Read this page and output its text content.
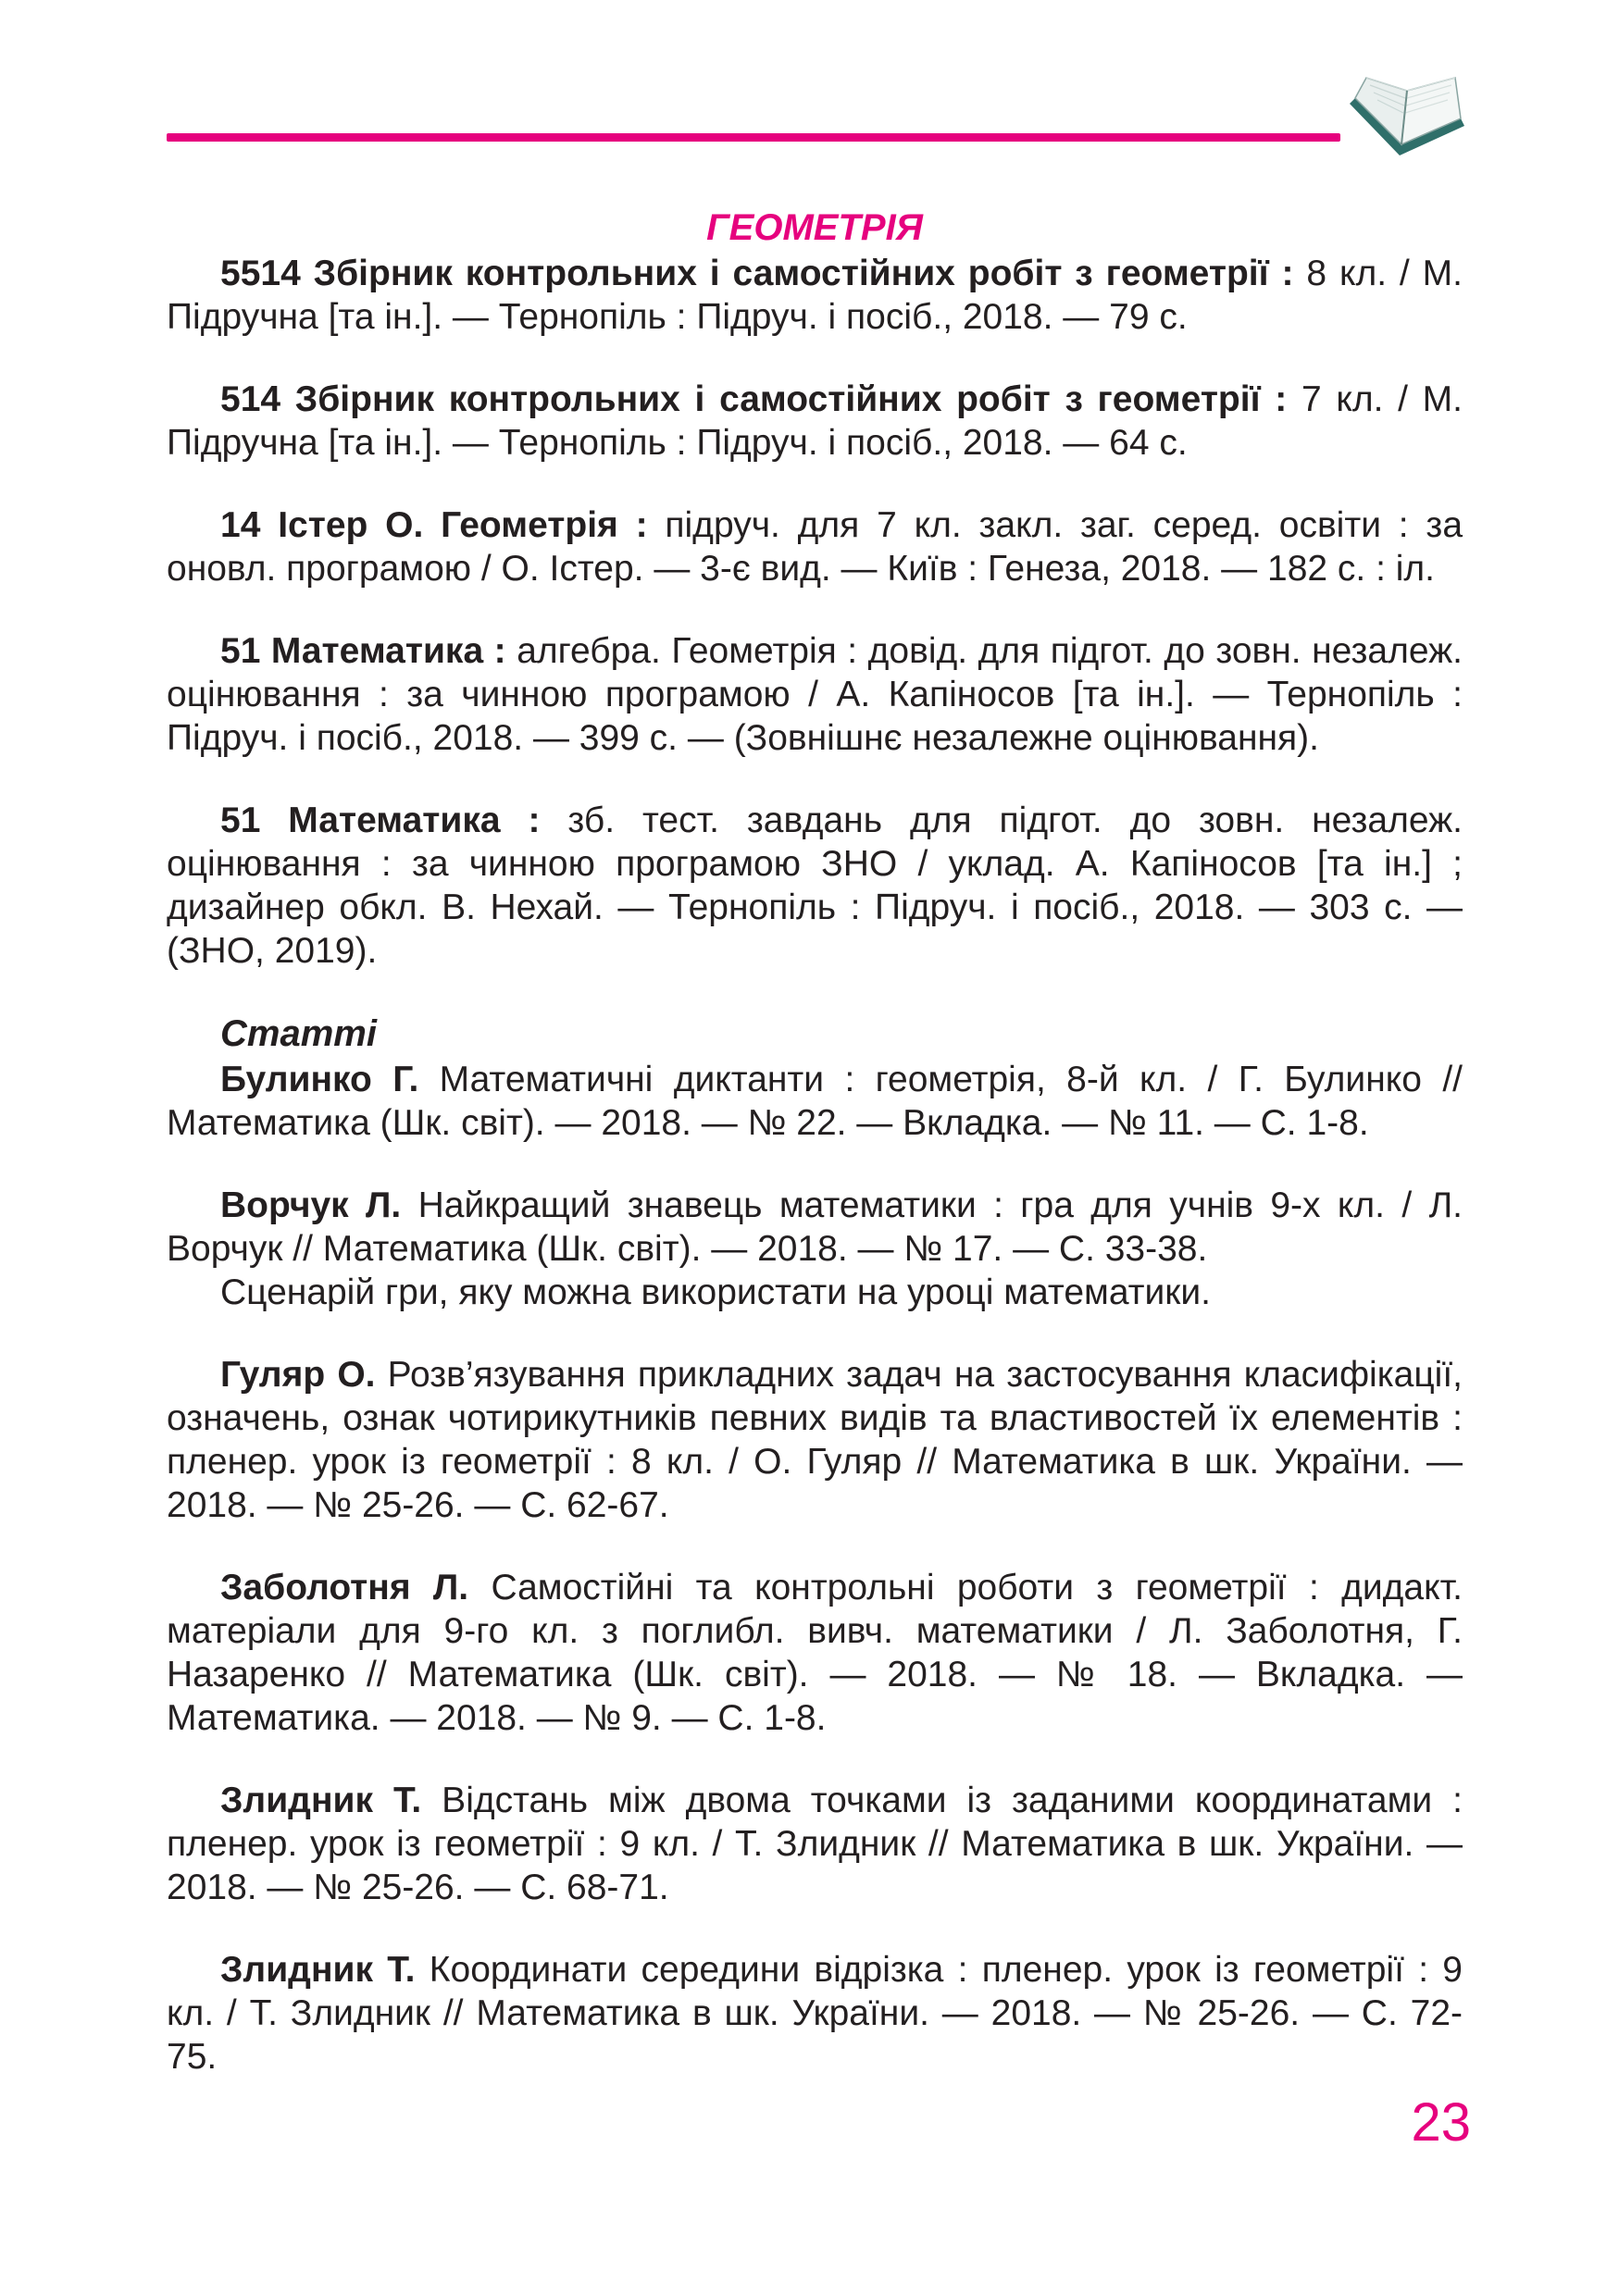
ГЕОМЕТРІЯ
5514 Збірник контрольних і самостійних робіт з геометрії : 8 кл. / М. Підручна [та ін.]. — Тернопіль : Підруч. і посіб., 2018. — 79 с.
514 Збірник контрольних і самостійних робіт з геометрії : 7 кл. / М. Підручна [та ін.]. — Тернопіль : Підруч. і посіб., 2018. — 64 с.
14 Істер О. Геометрія : підруч. для 7 кл. закл. заг. серед. освіти : за оновл. програмою / О. Істер. — 3-є вид. — Київ : Генеза, 2018. — 182 с. : іл.
51 Математика : алгебра. Геометрія : довід. для підгот. до зовн. незалеж. оцінювання : за чинною програмою / А. Капіносов [та ін.]. — Тернопіль : Підруч. і посіб., 2018. — 399 с. — (Зовнішнє незалежне оцінювання).
51 Математика : зб. тест. завдань для підгот. до зовн. незалеж. оцінювання : за чинною програмою ЗНО / уклад. А. Капіносов [та ін.] ; дизайнер обкл. В. Нехай. — Тернопіль : Підруч. і посіб., 2018. — 303 с. — (ЗНО, 2019).
Статті
Булинко Г. Математичні диктанти : геометрія, 8-й кл. / Г. Булинко // Математика (Шк. світ). — 2018. — № 22. — Вкладка. — № 11. — С. 1-8.
Ворчук Л. Найкращий знавець математики : гра для учнів 9-х кл. / Л. Ворчук // Математика (Шк. світ). — 2018. — № 17. — С. 33-38.
Сценарій гри, яку можна використати на уроці математики.
Гуляр О. Розв’язування прикладних задач на застосування класифікації, означень, ознак чотирикутників певних видів та властивостей їх елементів : пленер. урок із геометрії : 8 кл. / О. Гуляр // Математика в шк. України. — 2018. — № 25-26. — С. 62-67.
Заболотня Л. Самостійні та контрольні роботи з геометрії : дидакт. матеріали для 9-го кл. з поглибл. вивч. математики / Л. Заболотня, Г. Назаренко // Математика (Шк. світ). — 2018. — № 18. — Вкладка. — Математика. — 2018. — № 9. — С. 1-8.
Злидник Т. Відстань між двома точками із заданими координатами : пленер. урок із геометрії : 9 кл. / Т. Злидник // Математика в шк. України. — 2018. — № 25-26. — С. 68-71.
Злидник Т. Координати середини відрізка : пленер. урок із геометрії : 9 кл. / Т. Злидник // Математика в шк. України. — 2018. — № 25-26. — С. 72-75.
23
